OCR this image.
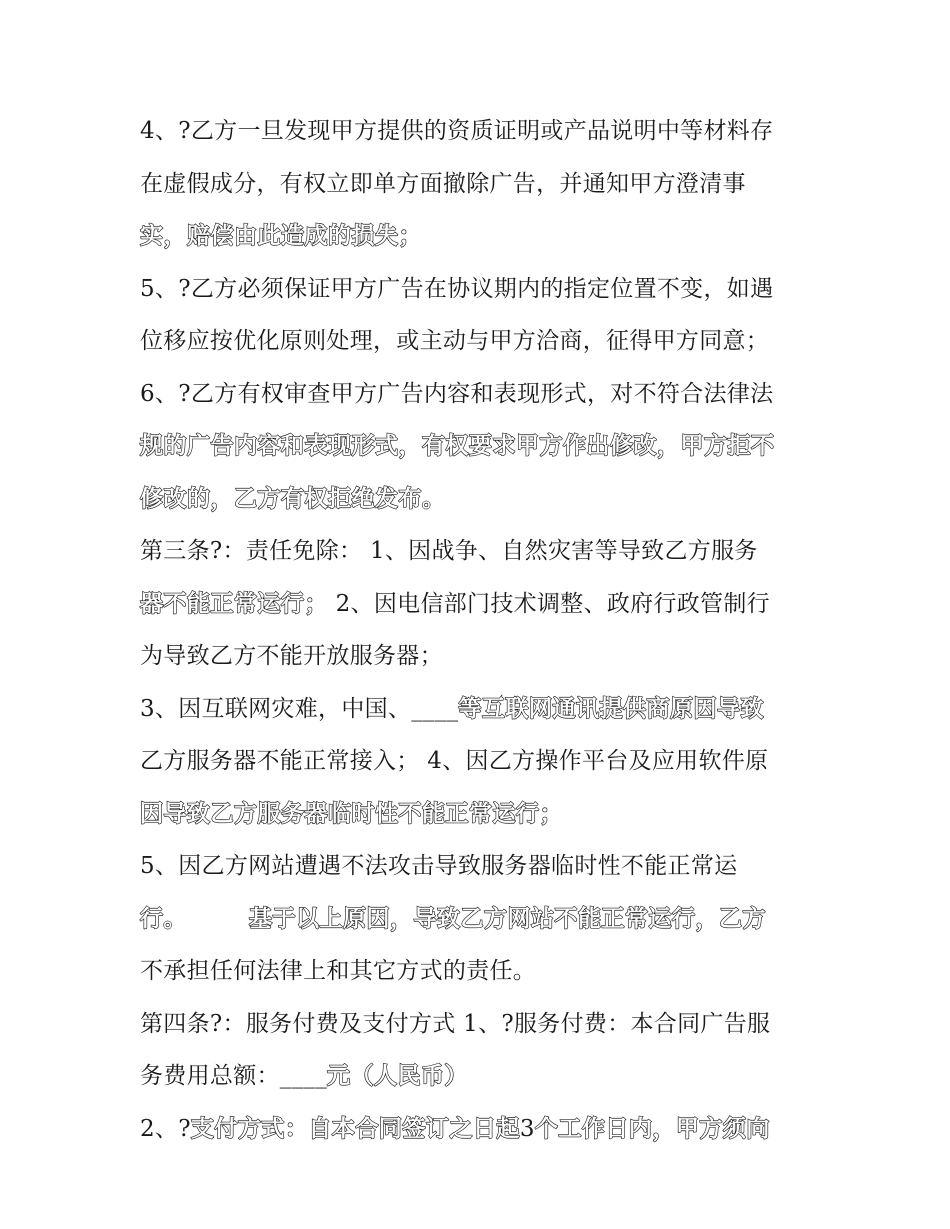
4、?乙方一旦发现甲方提供的资质证明或产品说明中等材料存
在虚假成分，有权立即单方面撤除广告，并通知甲方澄清事
实，赔偿由此造成的损失；
5、?乙方必须保证甲方广告在协议期内的指定位置不变，如遇
位移应按优化原则处理，或主动与甲方洽商，征得甲方同意；
6、?乙方有权审查甲方广告内容和表现形式，对不符合法律法
规的广告内容和表现形式，有权要求甲方作出修改，甲方拒不
修改的，乙方有权拒绝发布。
第三条?：责任免除： 1、因战争、自然灾害等导致乙方服务
器不能正常运行； 2、因电信部门技术调整、政府行政管制行
为导致乙方不能开放服务器；
3、因互联网灾难，中国、____等互联网通讯提供商原因导致
乙方服务器不能正常接入； 4、因乙方操作平台及应用软件原
因导致乙方服务器临时性不能正常运行；
5、因乙方网站遭遇不法攻击导致服务器临时性不能正常运
行。	基于以上原因，导致乙方网站不能正常运行，乙方
不承担任何法律上和其它方式的责任。
第四条?：服务付费及支付方式 1、?服务付费：本合同广告服
务费用总额：____元（人民币）
2、?支付方式：自本合同签订之日起3个工作日内，甲方须向
